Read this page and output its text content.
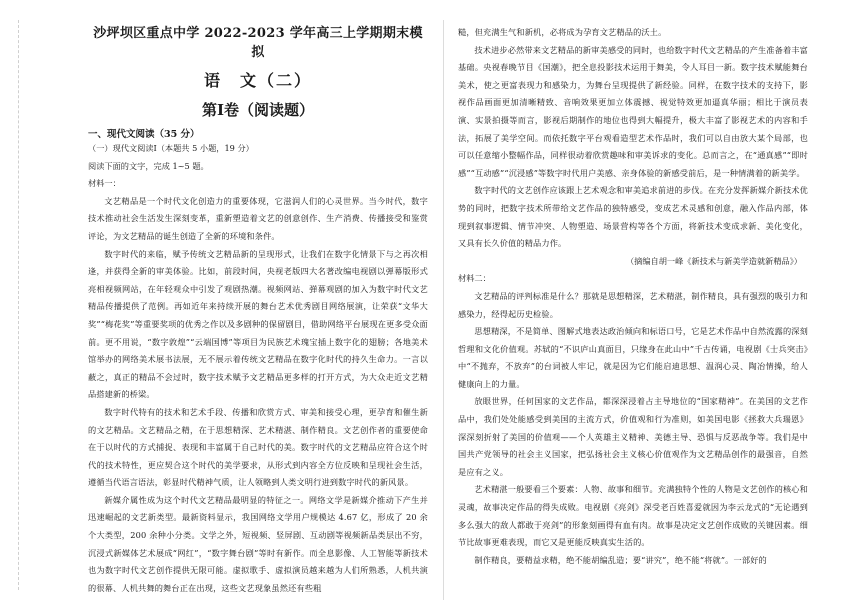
沙坪坝区重点中学 2022-2023 学年高三上学期期末模拟

语　文（二）

第Ⅰ卷（阅读题）

一、现代文阅读（35 分）

（一）现代文阅读Ⅰ（本题共 5 小题，19 分）

阅读下面的文字，完成 1~5 题。

材料一：

文艺精品是一个时代文化创造力的重要体现，它滋润人们的心灵世界。当今时代，数字技术推动社会生活发生深刻变革，重新塑造着文艺的创意创作、生产消费、传播接受和鉴赏评论，为文艺精品的诞生创造了全新的环境和条件。

数字时代的来临，赋予传统文艺精品新的呈现形式，让我们在数字化情景下与之再次相逢，并获得全新的审美体验。比如，前段时间，央视老版四大名著改编电视剧以弹幕版形式亮相视频网站，在年轻观众中引发了观剧热潮。视频网站、弹幕观剧的加入为数字时代文艺精品传播提供了范例。再如近年来持续开展的舞台艺术优秀剧目网络展演，让荣获“文华大奖”“梅花奖”等重要奖项的优秀之作以及多剧种的保留剧目，借助网络平台展现在更多受众面前。更不用说，“数字敦煌”“云端国博”等项目为民族艺术瑰宝插上数字化的翅膀；各地美术馆举办的网络美术展书法展，无不展示着传统文艺精品在数字化时代的持久生命力。一言以蔽之，真正的精品不会过时，数字技术赋予文艺精品更多样的打开方式，为大众走近文艺精品搭建新的桥梁。

数字时代特有的技术和艺术手段、传播和欣赏方式、审美和接受心理，更孕育和催生新的文艺精品。文艺精品之精，在于思想精深、艺术精湛、制作精良。文艺创作者的重要使命在于以时代的方式捕捉、表现和丰富属于自己时代的美。数字时代的文艺精品应符合这个时代的技术特性，更应契合这个时代的美学要求，从形式到内容全方位反映和呈现社会生活，遵循当代语言语法，彰显时代精神气质，让人领略到人类文明行进到数字时代的新风景。

新媒介属性成为这个时代文艺精品最明显的特征之一。网络文学是新媒介推动下产生并迅速崛起的文艺新类型。最新资料显示，我国网络文学用户规模达 4.67 亿，形成了 20 余个大类型，200 余种小分类。文学之外，短视频、竖屏剧、互动剧等视频新品类层出不穷，沉浸式新媒体艺术展成“网红”，“数字舞台剧”等时有新作。而全息影像、人工智能等新技术也为数字时代文艺创作提供无限可能。虚拟歌手、虚拟演员越来越为人们所熟悉，人机共演的很幕、人机共舞的舞台正在出现，这些文艺现象虽然还有些粗

糙，但充满生气和新机，必将成为孕育文艺精品的沃土。

技术进步必然带来文艺精品的新审美感受的同时，也给数字时代文艺精品的产生准备着丰富基础。央视春晚节目《国潮》，把全息投影技术运用于舞美，令人耳目一新。数字技术赋能舞台美术，使之更富表现力和感染力，为舞台呈现提供了新经验。同样，在数字技术的支持下，影视作品画面更加清晰精致、音响效果更加立体震撼、视觉特效更加逼真华丽；相比于演员表演、实景拍摄等而言，影视后期制作的地位也得到大幅提升，极大丰富了影视艺术的内容和手法，拓展了美学空间。而依托数字平台观看造型艺术作品时，我们可以自由放大某个局部，也可以任意缩小整幅作品，同样很动着欣赏趣味和审美诉求的变化。总而言之，在“通真感”“即时感”“互动感”“沉浸感”等数字时代用户美感、亲身体验的新感受前后，是一种情满着的新美学。

数字时代的文艺创作应该跟上艺术观念和审美追求前进的步伐。在充分发挥新媒介新技术优势的同时，把数字技术所带给文艺作品的独特感受，变成艺术灵感和创意，融入作品内部，体现到叙事逻辑、情节冲突、人物塑造、场景营构等各个方面，将新技术变成求新、美化变化，又具有长久价值的精品力作。

（摘编自胡一峰《新技术与新美学造就新精品》）

材料二：

文艺精品的评判标准是什么？那就是思想精深，艺术精湛，制作精良，具有强烈的吸引力和感染力，经得起历史检验。

思想精深，不是简单、图解式地表达政治倾向和标语口号，它是艺术作品中自然流露的深刻哲理和文化价值观。苏轼的“不识庐山真面目，只缘身在此山中”千古传诵，电视剧《士兵突击》中“不抛弃，不放弃”的台词被人牢记，就是因为它们能启迪思想、温润心灵、陶冶情操，给人健康向上的力量。

放眼世界，任何国家的文艺作品，都深深浸着占主导地位的“国家精神”。在美国的文艺作品中，我们处处能感受到美国的主流方式，价值观和行为准则，如美国电影《拯救大兵瑞恩》深深刻折射了美国的价值观——个人英雄主义精神、美德主导、恐惧与反恶战争等。我们是中国共产党领导的社会主义国家，把弘扬社会主义核心价值观作为文艺精品创作的最强音，自然是应有之义。

艺术精湛一般要看三个要素：人物、故事和细节。充满独特个性的人物是文艺创作的核心和灵魂，故事决定作品的得失成败。电视剧《亮剑》深受老百姓喜爱就因为李云龙式的“无论遇到多么强大的敌人都敢于亮剑”的形象刻画得有血有肉。故事是决定文艺创作成败的关键因素。细节比故事更难表现，而它又是更能反映真实生活的。

制作精良，要精益求精，绝不能胡编乱造；要“讲究”，绝不能“将就”。一部好的
